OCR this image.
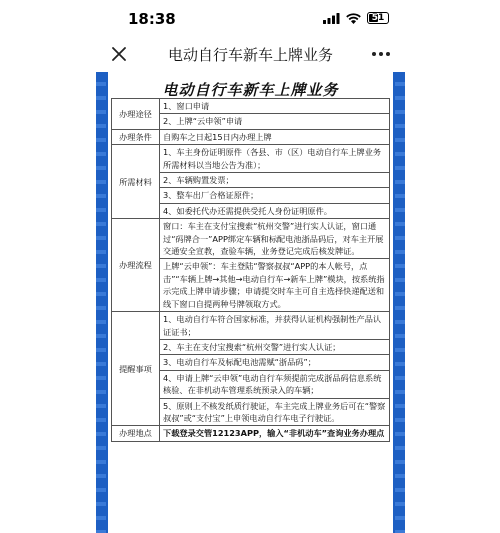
18:38	51
电动自行车新车上牌业务
电动自行车新车上牌业务
办理途径	1、窗口申请
	2、上牌“云申领”申请
办理条件	自购车之日起15日内办理上牌
所需材料	1、车主身份证明原件（各县、市（区）电动自行车上牌业务所需材料以当地公告为准）；
	2、车辆购置发票；
	3、整车出厂合格证原件；
	4、如委托代办还需提供受托人身份证明原件。
办理流程	窗口：车主在支付宝搜索“杭州交警”进行实人认证，窗口通过“码牌合一”APP绑定车辆和标配电池浙品码后，对车主开展交通安全宣教，查验车辆，业务登记完成后核发牌证。
	上牌“云申领”：车主登陆“警察叔叔“APP的本人帐号，点击”“车辆上牌→其他→电动自行车→新车上牌”模块，按系统指示完成上牌申请步骤；申请提交时车主可自主选择快递配送和线下窗口自提两种号牌领取方式。
提醒事项	1、电动自行车符合国家标准，并获得认证机构强制性产品认证证书；
	2、车主在支付宝搜索“杭州交警”进行实人认证；
	3、电动自行车及标配电池需赋“浙品码”；
	4、申请上牌“云申领”电动自行车须提前完成浙品码信息系统核验、在非机动车管理系统预录入的车辆；
	5、原则上不核发纸质行驶证，车主完成上牌业务后可在“警察叔叔”或“支付宝”上申领电动自行车电子行驶证。
办理地点	下载登录交管12123APP，输入“非机动车”查询业务办理点
